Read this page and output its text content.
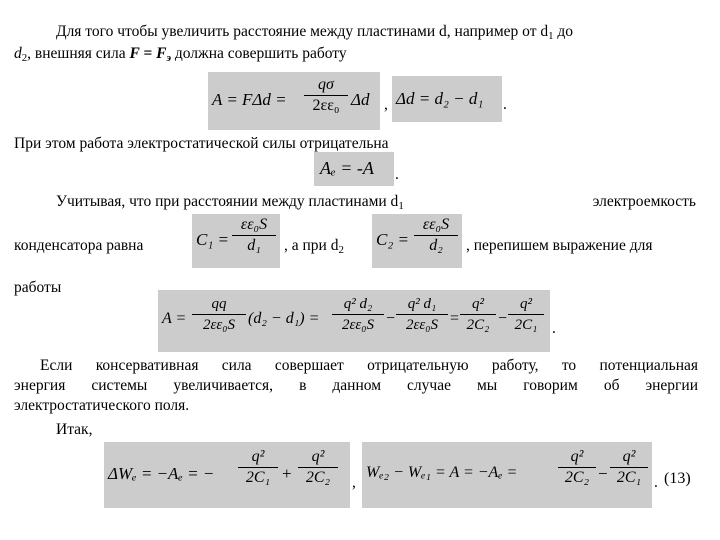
Для того чтобы увеличить расстояние между пластинами d, например от $d_1$ до
$d_2$, внешняя сила $F = F_э$ должна совершить работу
A = FΔd =
qσ
2εε₀ Δd , Δd = d₂ − d₁ .
При этом работа электростатической силы отрицательна
Aₑ = -A .
Учитывая, что при расстоянии между пластинами $d_1$	электроемкость
конденсатора равна	C₁ =
εε₀S
d₁	, а при $d_2$
C₂ =
εε₀S
d₂	, перепишем выражение для
работы
A =
qq
2εε₀S (d₂ − d₁) =
q² d₂
2εε₀S −
q² d₁
2εε₀S =
q²
2C₂ −
q²
2C₁ .
Если консервативная сила совершает отрицательную работу, то потенциальная
энергия системы увеличивается, в данном случае мы говорим об энергии
электростатического поля.
Итак,
ΔWₑ = −Aₑ = −
q²
2C₁ +
q²
2C₂	,
Wₑ₂ − Wₑ₁ = A = −Aₑ =
q²
2C₂ −
q²
2C₁ . (13)
